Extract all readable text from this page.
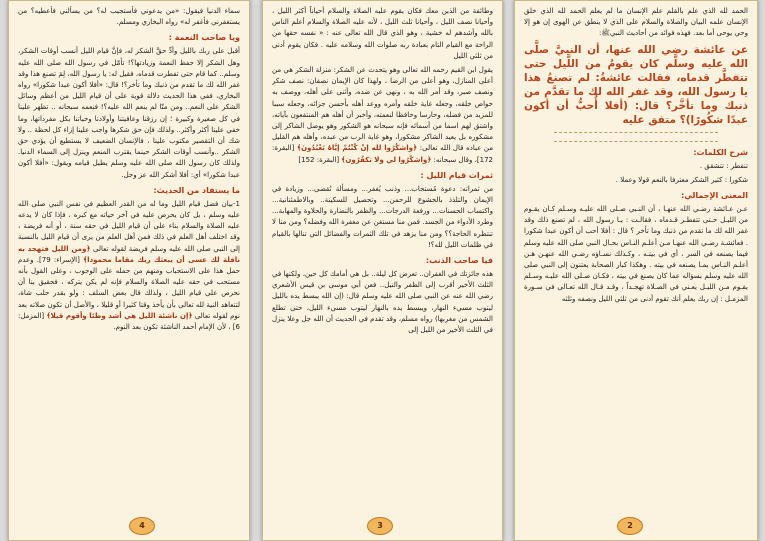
سماء الدنيا فيقول: «من يدعوني فأستجيب له؟ من يسألني فأعطيه؟ من يستغفرني فأغفر له» رواه البخاري ومسلم.

ويا صاحب النعمة :

أقبل على ربك بالليل وأدِّ حقَّ الشكر له، فإنَّ قيام الليل أنسب أوقات الشكر، وهل الشكر إلا حفظ النعمة وزيادتها؟! تأمّل في رسول الله صلى الله عليه وسلم.. كما قام حتى تفطرت قدماه، فقيل له: يا رسول الله، لِمَ تصنع هذا وقد غفر الله لك ما تقدم من ذنبك وما تأخر؟! قال: «أفلا أكون عبدا شكورا» رواه البخاري، ففي هذا الحديث دلالة قوية على أن قيام الليل من أعظم وسائل الشكر على النعم.. ومن منّا لم ينعم الله عليه؟! فنعمه سبحانه .. تظهر علينا في كل صغيرة وكبيرة ؛ إن رزقنا وعافيتنا وأولادنا وحياتنا بكل مفرداتها، وما خفي علينا أكثر وأكثر.. ولذلك فإن حق شكرها واجب علينا إزاء كل لحظة .. ولا شك أن التقصير مكتوب علينا ، فالإنسان الضعيف لا يستطيع أن يؤدي حق الشكر ..وأنسب أوقات الشكر حينما يقترب المنعم وينزل إلى السماء الدنيا. ولذلك كان رسول الله صلى الله عليه وسلم يطيل قيامه ويقول: «أفلا أكون عبدا شكورا» أي: أفلا أشكر الله عز وجل.

ما يستفاد من الحديث:

1-بيان فضل قيام الليل وما له من القدر العظيم في نفس النبي صلى الله عليه وسلم ، بل كان يحرص عليه في آخر حياته مع كبره ، فإذا كان لا يدعه عليه الصلاة والسلام بناء على أن قيام الليل في حقه سنة ، أو أنه فريضة ، وقد اختلف أهل العلم في ذلك فمن أهل العلم من يرى أن قيام الليل بالنسبة إلى النبي صلى الله عليه وسلم فريضة لقوله تعالى ﴿ومن الليل فتهجد به نافلة لك عسى أن يبعثك ربك مقاما محمودا﴾ [الإسراء: 79]. وعدم حمل هذا على الاستحباب ومنهم من حمله على الوجوب ، وعلى القول بأنه مستحب في حقه عليه الصلاة والسلام فإنه لم يكن يتركه ، فحقيق بنا أن نحرص على قيام الليل ، ولذلك قال بعض السلف : ولو بقدر حلب شاة، لتتعاهد النية لله تعالى بأن يأخذ وقتا كثيرا أو قليلا ، والأصل أن تكون صلاته بعد نوم لقوله تعالى ﴿إن ناشئة الليل هي أشد وطئا وأقوم قيلا﴾ [المزمل: 6] ، لأن الإمام أحمد الناشئة تكون بعد النوم.

4

وطائفة من الذين معك فكان يقوم عليه الصلاة والسلام أحياناً أكثر الليل ، وأحيانا نصف الليل ، وأحيانا ثلث الليل ، لأنه عليه الصلاة والسلام أعلم الناس بالله وأشدهم له خشية ، وهو الذي قال الله تعالى عنه : « نفسه حقها من الراحة مع القيام التام بعبادة ربه صلوات الله وسلامه عليه . فكان يقوم أدنى من ثلثي الليل

يقول ابن القيم رحمه الله تعالى وهو يتحدث عن الشكر: منزلة الشكر هي من أعلى المنازل، وهو أعلى من الرضا ، ولهذا كان الإيمان نصفان: نصف شكر ونصف صبر، وقد أمر الله به ، ونهى عن ضده، وأثنى على أهله، ووصف به خواص خلقه، وجعله غاية خلقه وأمره ووعد أهله بأحسن جزائه، وجعله سببا للمزيد من فضله، وحارسا وحافظا لنعمته، وأخبر أن أهله هم المنتفعون بآياته، واشتق لهم اسما من أسمائه فإنه سبحانه هو الشكور وهو يوصل الشاكر إلى مشكوره بل يعيد الشاكر مشكورا، وهو غاية الرب من عبده، وأهله هم القليل من عباده قال الله تعالى: ﴿واشكُرُوا لله إنْ كُنْتُمْ إيَّاهُ تَعْبُدُونَ﴾ [البقرة: 172]، وقال سبحانه: ﴿واشكُرُوا لي ولا تكفُرُون﴾ [البقرة: 152]

ثمرات قيام الليل :

من ثمراته: دعوة مُستجاب... وذنب يُغفر... ومسألة تُقضى... وزيادة في الإيمان والتلذذ بالخشوع للرحمن... وتحصيل للسكينة.. وبالاطمئنانية... واكتساب الحسنات... ورفعة الدرجات... والظفر بالنضارة والحلاوة والمهابة... وطرد الأدواء من الجسد. فمن منا مستغن عن مغفرة الله وفضله؟ ومن منا لا تنتظره الحاجة؟؟ ومن منا يزهد في تلك الثمرات والفضائل التي تنالها بالقيام في ظلمات الليل لله؟!

فيا صاحب الذنب:

هذه جائزتك في الغفران.. تعرض كل ليلة.. بل هي أمامك كل حين، ولكنها في الثلث الأخير أقرب إلى الظفر والنيل.. فعن أبي موسى بن قيس الأشعري رضي الله عنه عن النبي صلى الله عليه وسلم قال: (إن الله يبسط يده بالليل ليتوب مسيء النهار، ويبسط يده بالنهار ليتوب مسيء الليل، حتى تطلع الشمس من مغربها) رواه مسلم، وقد تقدم في الحديث أن الله جل وعلا ينزل في الثلث الأخير من الليل إلى

3

الحمد لله الذي علم بالقلم علم الإنسان ما لم يعلم الحمد لله الذي خلق الإنسان علمه البيان والصلاة والسلام على الذي لا ينطق عن الهوى إن هو إلا وحي يوحى أما بعد. فهذه فوائد من أحاديث النبيﷺ:

عن عائشة رضي الله عنها، أن النبيَّ صلَّى الله عليه وسلَّم كان يقومُ من اللَّيل حتى تتفطَّر قدماه، فقالت عائشةُ: لم تصنعُ هذا يا رسول الله، وقد غفر الله لك ما تقدَّم من ذنبك وما تأخَّر؟ قال: (أفلا أُحبُّ أن أكون عبدًا شكُورًا)؟ متفق عليه
شرح الكلمات:

تنفطر : تتشقق .

شكورا : كثير الشكر معترفا بالنعم قولا وعملا .

المعنى الإجمالي:

عـن عـائشة رضـي الله عنهـا ، أن النـبي صـلى الله عليـه وسـلم كـان يقـوم من الليـل حـتى تتفطـر قـدماه ، فقالـت : يـا رسول الله ، لم تصنع ذلك وقد غفر الله لك ما تقدم من ذنبك وما تأخر ؟ قال : أفلا أحب أن أكون عبدا شكورا . فعائشـة رضـي الله عنهـا مـن أعلـم النـاس بحـال النبي صلى الله عليه وسلم فيما يصنعه في السر ، أي في بيتـه ، وكـذلك نسـاؤه رضـي الله عنهـن هـن أعلـم النـاس بمـا يصنعه في بيته . وهكذا كبار الصحابة يعتنون إلى النبي صلى الله عليه وسلم بسؤاله عما كان يصنع في بيته ، فكـان صـلى الله عليـه وسـلم يقـوم مـن الليـل يعـني في الصـلاة تهجـداً ، وقـد قـال الله تعـالى في سـورة المزمـل : إن ربك يعلم أنك تقوم أدنى من ثلثي الليل ونصفه وثلثه

2
